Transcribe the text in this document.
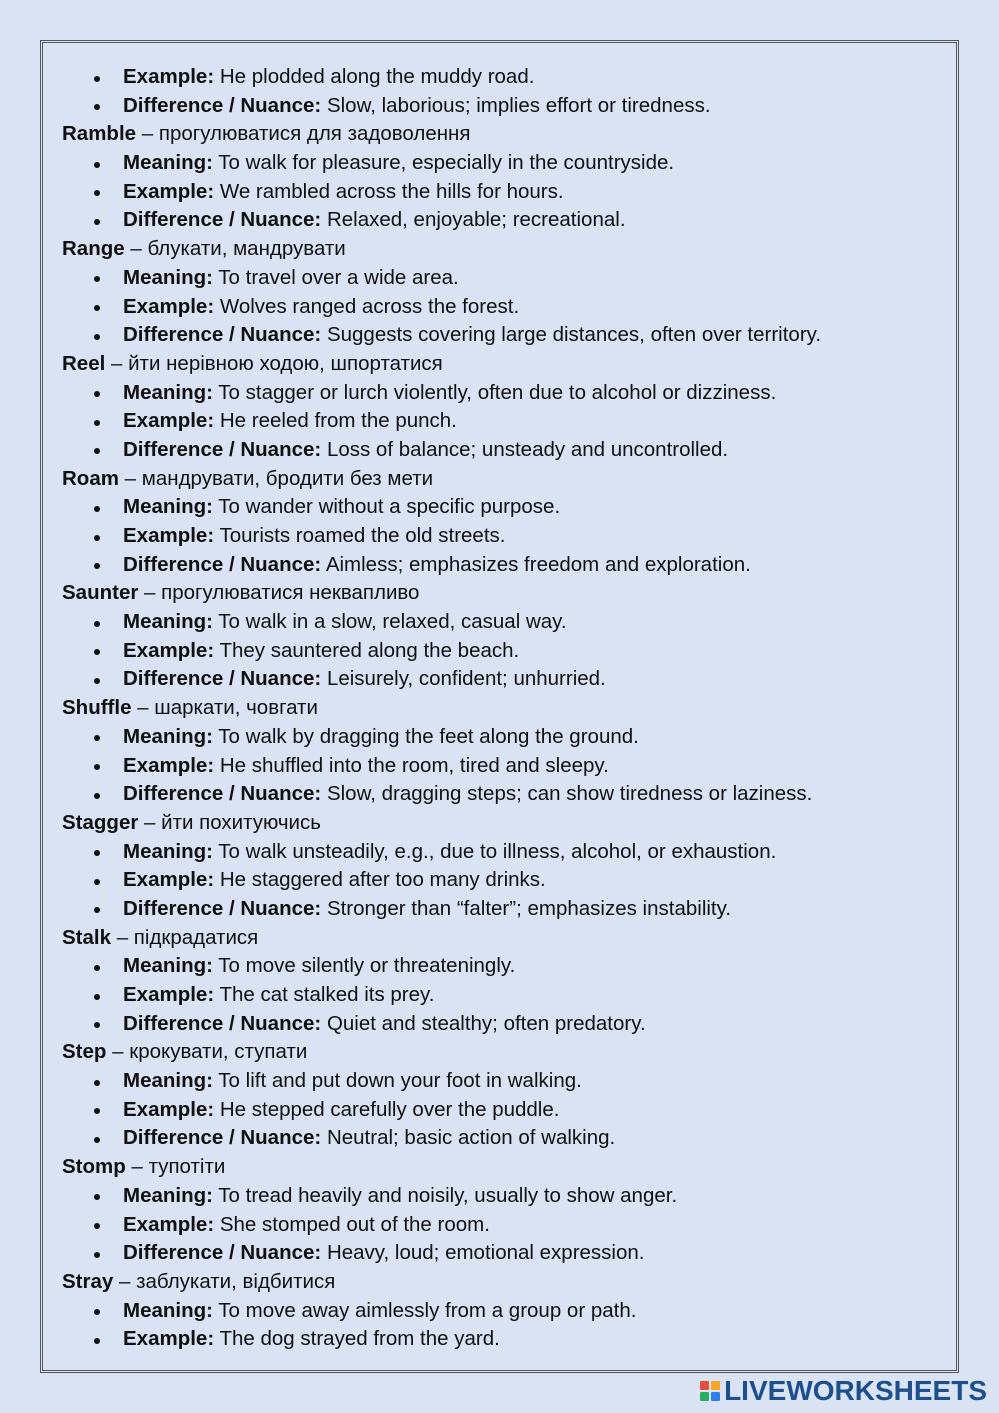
Example: He plodded along the muddy road.
Difference / Nuance: Slow, laborious; implies effort or tiredness.
Ramble – прогулюватися для задоволення
Meaning: To walk for pleasure, especially in the countryside.
Example: We rambled across the hills for hours.
Difference / Nuance: Relaxed, enjoyable; recreational.
Range – блукати, мандрувати
Meaning: To travel over a wide area.
Example: Wolves ranged across the forest.
Difference / Nuance: Suggests covering large distances, often over territory.
Reel – йти нерівною ходою, шпортатися
Meaning: To stagger or lurch violently, often due to alcohol or dizziness.
Example: He reeled from the punch.
Difference / Nuance: Loss of balance; unsteady and uncontrolled.
Roam – мандрувати, бродити без мети
Meaning: To wander without a specific purpose.
Example: Tourists roamed the old streets.
Difference / Nuance: Aimless; emphasizes freedom and exploration.
Saunter – прогулюватися неквапливо
Meaning: To walk in a slow, relaxed, casual way.
Example: They sauntered along the beach.
Difference / Nuance: Leisurely, confident; unhurried.
Shuffle – шаркати, човгати
Meaning: To walk by dragging the feet along the ground.
Example: He shuffled into the room, tired and sleepy.
Difference / Nuance: Slow, dragging steps; can show tiredness or laziness.
Stagger – йти похитуючись
Meaning: To walk unsteadily, e.g., due to illness, alcohol, or exhaustion.
Example: He staggered after too many drinks.
Difference / Nuance: Stronger than “falter”; emphasizes instability.
Stalk – підкрадатися
Meaning: To move silently or threateningly.
Example: The cat stalked its prey.
Difference / Nuance: Quiet and stealthy; often predatory.
Step – крокувати, ступати
Meaning: To lift and put down your foot in walking.
Example: He stepped carefully over the puddle.
Difference / Nuance: Neutral; basic action of walking.
Stomp – тупотіти
Meaning: To tread heavily and noisily, usually to show anger.
Example: She stomped out of the room.
Difference / Nuance: Heavy, loud; emotional expression.
Stray – заблукати, відбитися
Meaning: To move away aimlessly from a group or path.
Example: The dog strayed from the yard.
LIVEWORKSHEETS
